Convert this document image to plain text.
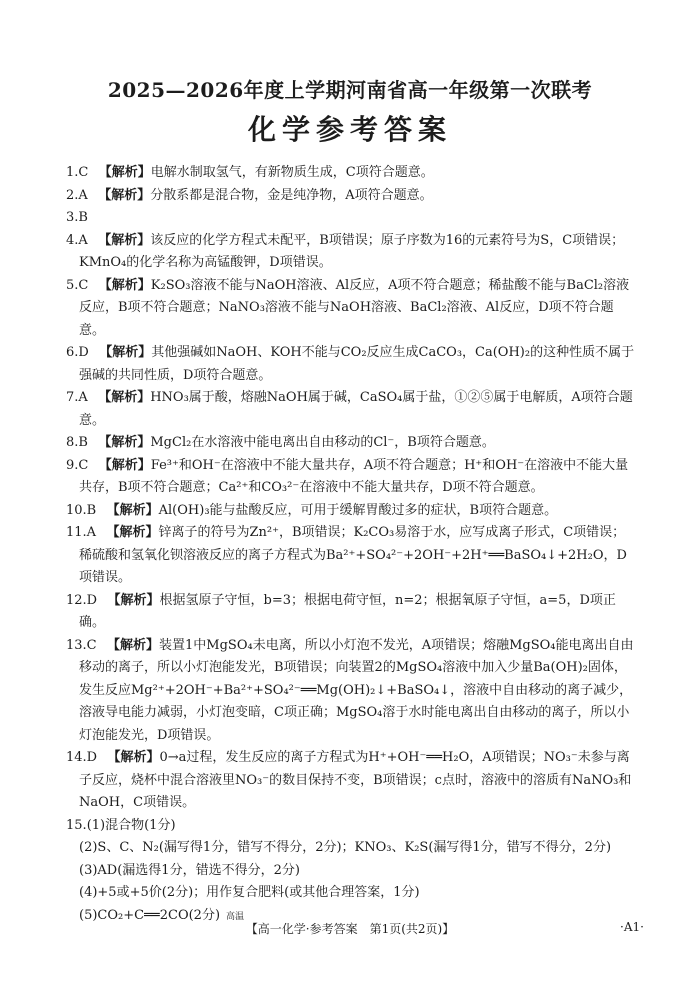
2025—2026年度上学期河南省高一年级第一次联考
化学参考答案

1.C 【解析】电解水制取氢气，有新物质生成，C项符合题意。

2.A 【解析】分散系都是混合物，金是纯净物，A项符合题意。

3.B

4.A 【解析】该反应的化学方程式未配平，B项错误；原子序数为16的元素符号为S，C项错误；KMnO₄的化学名称为高锰酸钾，D项错误。

5.C 【解析】K₂SO₃溶液不能与NaOH溶液、Al反应，A项不符合题意；稀盐酸不能与BaCl₂溶液反应，B项不符合题意；NaNO₃溶液不能与NaOH溶液、BaCl₂溶液、Al反应，D项不符合题意。

6.D 【解析】其他强碱如NaOH、KOH不能与CO₂反应生成CaCO₃，Ca(OH)₂的这种性质不属于强碱的共同性质，D项符合题意。

7.A 【解析】HNO₃属于酸，熔融NaOH属于碱，CaSO₄属于盐，①②⑤属于电解质，A项符合题意。

8.B 【解析】MgCl₂在水溶液中能电离出自由移动的Cl⁻，B项符合题意。

9.C 【解析】Fe³⁺和OH⁻在溶液中不能大量共存，A项不符合题意；H⁺和OH⁻在溶液中不能大量共存，B项不符合题意；Ca²⁺和CO₃²⁻在溶液中不能大量共存，D项不符合题意。

10.B 【解析】Al(OH)₃能与盐酸反应，可用于缓解胃酸过多的症状，B项符合题意。

11.A 【解析】锌离子的符号为Zn²⁺，B项错误；K₂CO₃易溶于水，应写成离子形式，C项错误；稀硫酸和氢氧化钡溶液反应的离子方程式为Ba²⁺+SO₄²⁻+2OH⁻+2H⁺══BaSO₄↓+2H₂O，D项错误。

12.D 【解析】根据氢原子守恒，b=3；根据电荷守恒，n=2；根据氧原子守恒，a=5，D项正确。

13.C 【解析】装置1中MgSO₄未电离，所以小灯泡不发光，A项错误；熔融MgSO₄能电离出自由移动的离子，所以小灯泡能发光，B项错误；向装置2的MgSO₄溶液中加入少量Ba(OH)₂固体，发生反应Mg²⁺+2OH⁻+Ba²⁺+SO₄²⁻══Mg(OH)₂↓+BaSO₄↓，溶液中自由移动的离子减少，溶液导电能力减弱，小灯泡变暗，C项正确；MgSO₄溶于水时能电离出自由移动的离子，所以小灯泡能发光，D项错误。

14.D 【解析】0→a过程，发生反应的离子方程式为H⁺+OH⁻══H₂O，A项错误；NO₃⁻未参与离子反应，烧杯中混合溶液里NO₃⁻的数目保持不变，B项错误；c点时，溶液中的溶质有NaNO₃和NaOH，C项错误。

15.(1)混合物(1分)

(2)S、C、N₂(漏写得1分，错写不得分，2分)；KNO₃、K₂S(漏写得1分，错写不得分，2分)

(3)AD(漏选得1分，错选不得分，2分)

(4)+5或+5价(2分)；用作复合肥料(或其他合理答案，1分)

(5)CO₂+C══2CO(2分) 高温

【高一化学·参考答案　第1页(共2页)】	·A1·
